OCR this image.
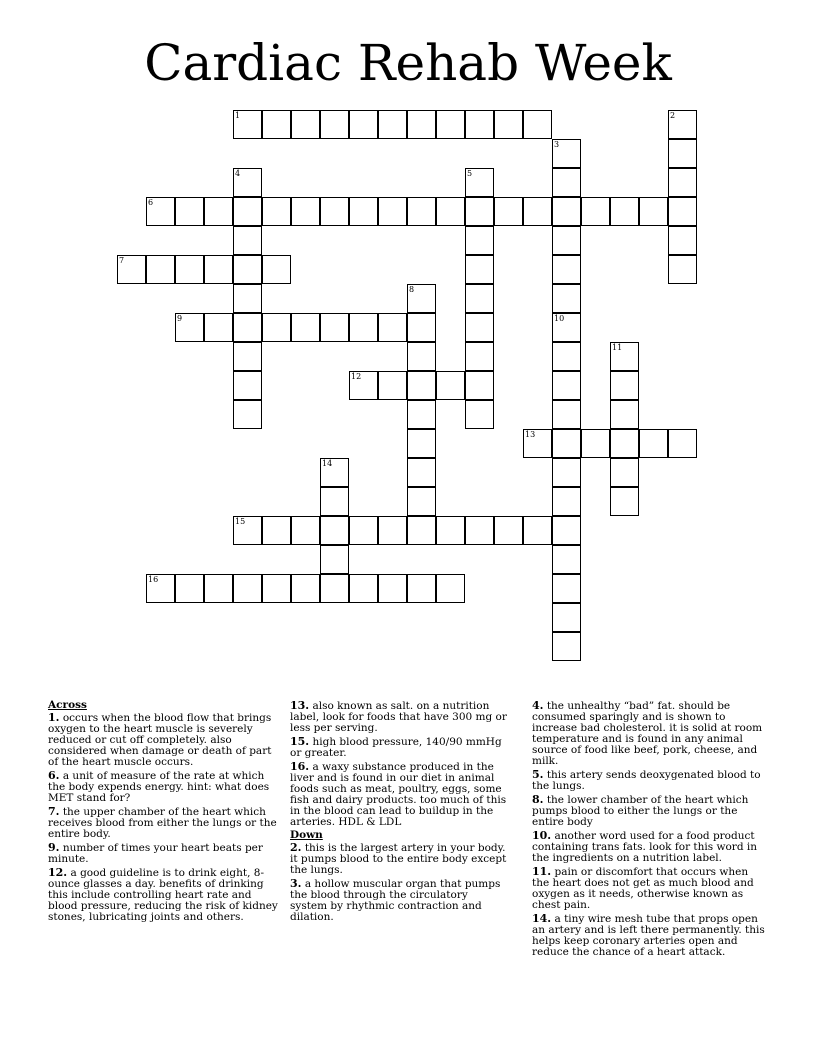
Cardiac Rehab Week
1	2
3
4	5
6
7
8
9	10
11
12
13
14
15
16
Across
1. occurs when the blood flow that brings oxygen to the heart muscle is severely reduced or cut off completely. also considered when damage or death of part of the heart muscle occurs.
6. a unit of measure of the rate at which the body expends energy. hint: what does MET stand for?
7. the upper chamber of the heart which receives blood from either the lungs or the entire body.
9. number of times your heart beats per minute.
12. a good guideline is to drink eight, 8-ounce glasses a day. benefits of drinking this include controlling heart rate and blood pressure, reducing the risk of kidney stones, lubricating joints and others.
13. also known as salt. on a nutrition label, look for foods that have 300 mg or less per serving.
15. high blood pressure, 140/90 mmHg or greater.
16. a waxy substance produced in the liver and is found in our diet in animal foods such as meat, poultry, eggs, some fish and dairy products. too much of this in the blood can lead to buildup in the arteries. HDL & LDL
Down
2. this is the largest artery in your body. it pumps blood to the entire body except the lungs.
3. a hollow muscular organ that pumps the blood through the circulatory system by rhythmic contraction and dilation.
4. the unhealthy “bad” fat. should be consumed sparingly and is shown to increase bad cholesterol. it is solid at room temperature and is found in any animal source of food like beef, pork, cheese, and milk.
5. this artery sends deoxygenated blood to the lungs.
8. the lower chamber of the heart which pumps blood to either the lungs or the entire body
10. another word used for a food product containing trans fats. look for this word in the ingredients on a nutrition label.
11. pain or discomfort that occurs when the heart does not get as much blood and oxygen as it needs, otherwise known as chest pain.
14. a tiny wire mesh tube that props open an artery and is left there permanently. this helps keep coronary arteries open and reduce the chance of a heart attack.
